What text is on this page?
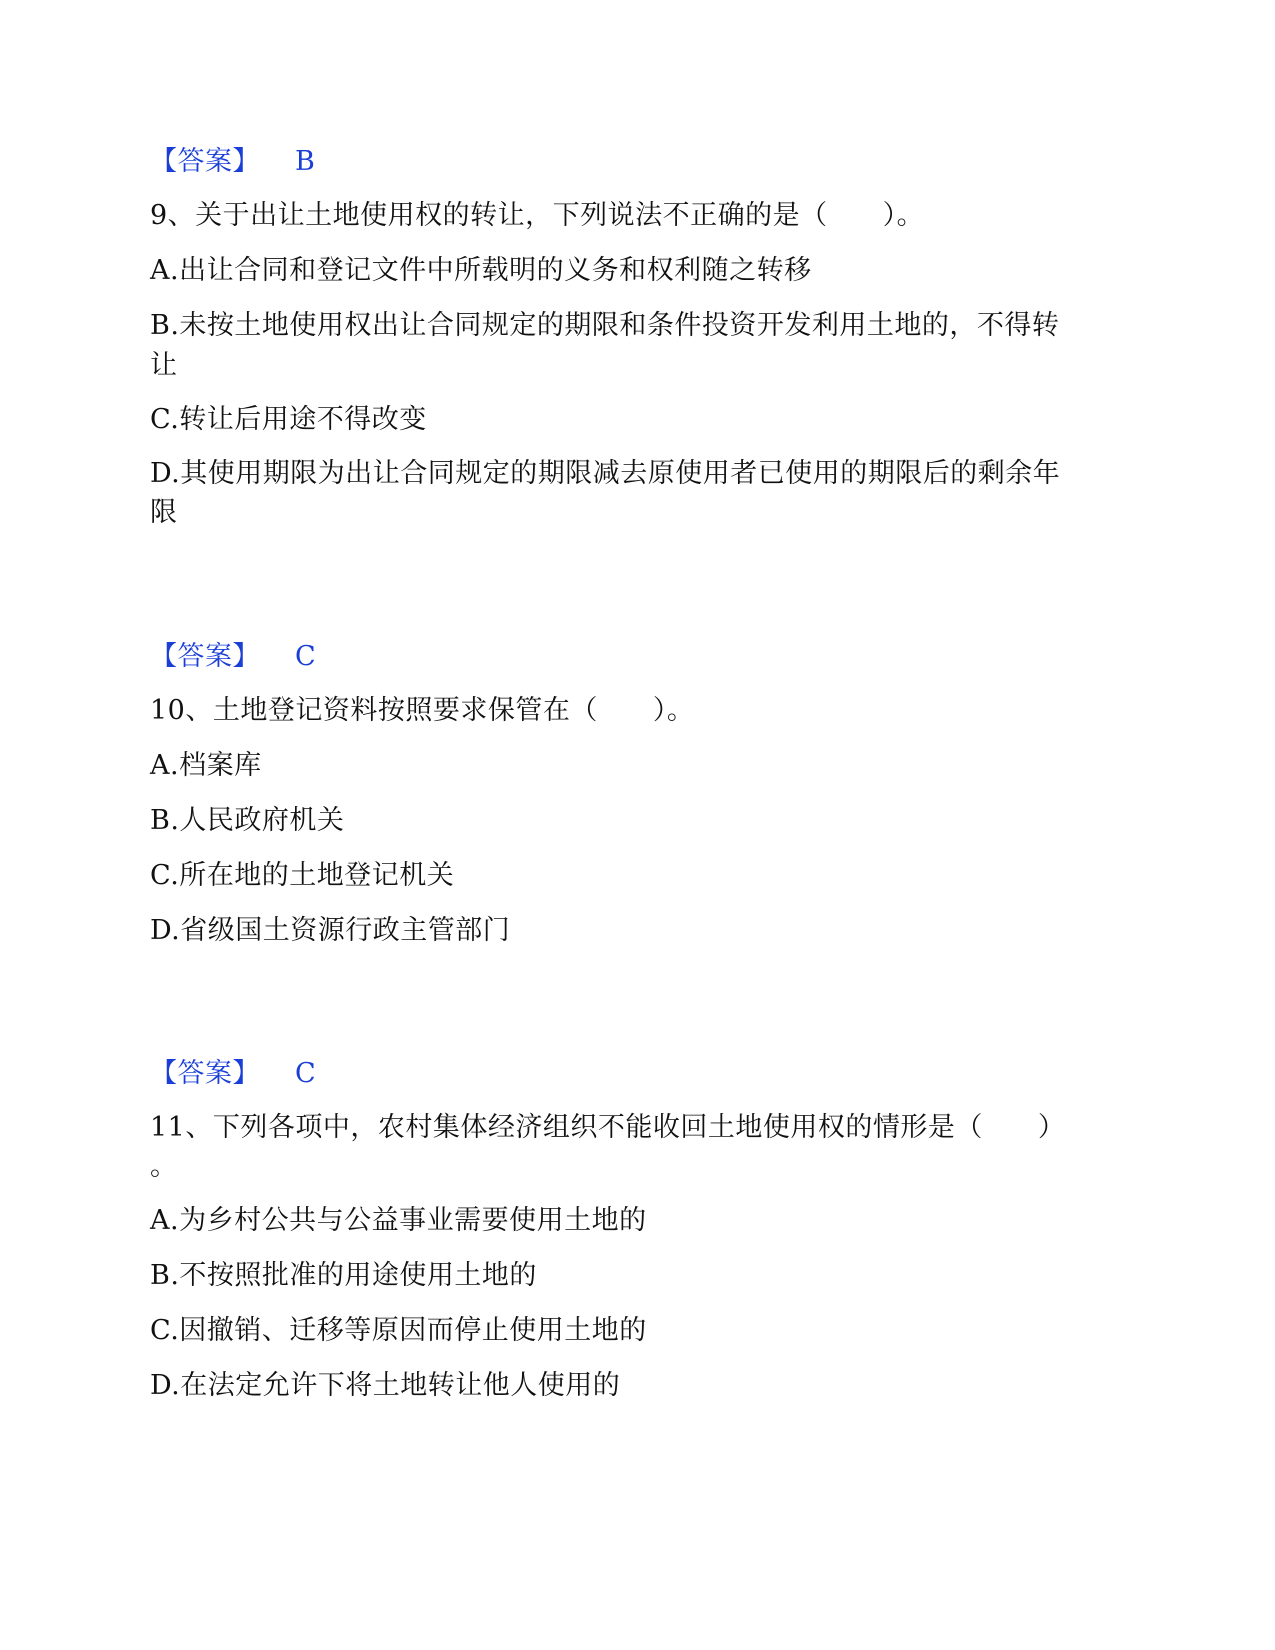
【答案】 B
9、关于出让土地使用权的转让，下列说法不正确的是（　　）。
A.出让合同和登记文件中所载明的义务和权利随之转移
B.未按土地使用权出让合同规定的期限和条件投资开发利用土地的，不得转
让
C.转让后用途不得改变
D.其使用期限为出让合同规定的期限减去原使用者已使用的期限后的剩余年
限
【答案】 C
10、土地登记资料按照要求保管在（　　）。
A.档案库
B.人民政府机关
C.所在地的土地登记机关
D.省级国土资源行政主管部门
【答案】 C
11、下列各项中，农村集体经济组织不能收回土地使用权的情形是（　　）
。
A.为乡村公共与公益事业需要使用土地的
B.不按照批准的用途使用土地的
C.因撤销、迁移等原因而停止使用土地的
D.在法定允许下将土地转让他人使用的
